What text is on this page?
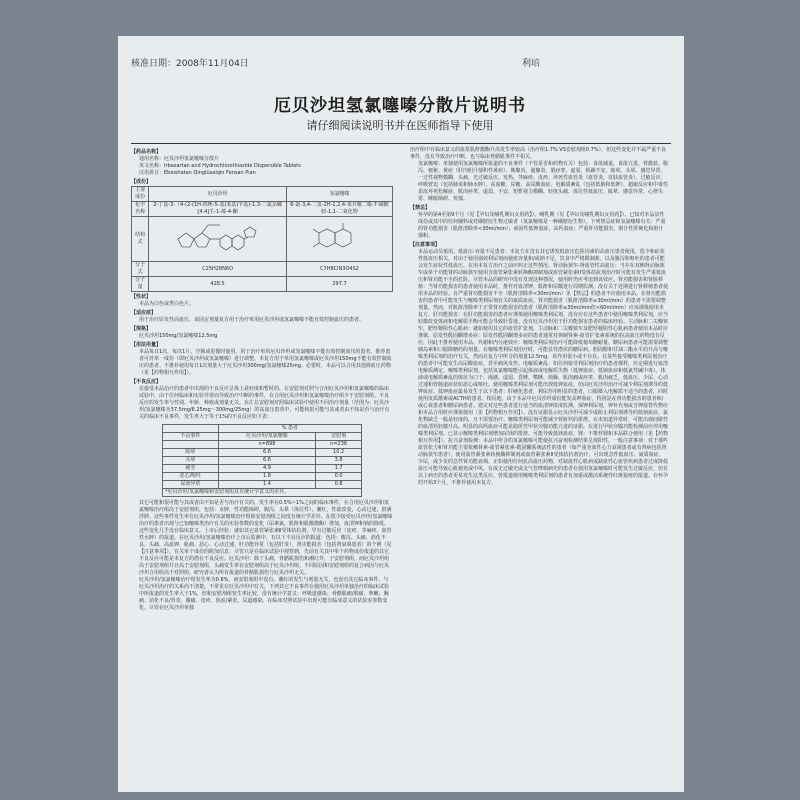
核准日期：2008年11月04日	利培
厄贝沙坦氢氯噻嗪分散片说明书
请仔细阅读说明书并在医师指导下使用
【药品名称】
通用名称：厄贝沙坦氢氯噻嗪分散片
英文名称：Irbesartan and Hydrochlorothiazide Dispersible Tablets
汉语拼音：Ebeishatan Qinglüsaiqin Fensan Pian
【成份】
主要成份	厄贝沙坦	氢氯噻嗪
化学名称	2-丁基-3-（4-(2-(1H-四唑-5-基)苯基)苄基)-1,3-二氮杂螺[4.4]壬-1-烯-4-酮	6-氯-3,4-二氢-2H-1,2,4-苯并噻二嗪-7-磺酰胺-1,1-二氧化物
结构式	

分子式	C25H28N6O	C7H8ClN3O4S2
分子量	428.5	297.7
【性状】

本品为白色或类白色片。

【适应症】

用于治疗原发性高血压。该固定剂量复方用于治疗单用厄贝沙坦或氢氯噻嗪不能有效控制血压的患者。

【规格】

厄贝沙坦150mg/氢氯噻嗪12.5mg

【用法用量】

本品每日1次，每次1片，空腹或进餐时使用，用于治疗单用厄贝沙坦或氢氯噻嗪不能有效控制血压的患者。推荐患者可对单一成份（即厄贝沙坦或氢氯噻嗪）进行调整。本复方用于单用氢氯噻嗪或厄贝沙坦150mg不能有效控制血压的患者。不推荐使用每日1次剂量大于厄贝沙坦300mg/氢氯噻嗪25mg。必要时，本品可以合用其他降血压药物（见【药物相互作用】）。

【不良反应】

在接受本品治疗的患者中出现的不良反应总体上是轻度和暂时的。在安慰剂对照与合用厄贝沙坦和氢氯噻嗪的临床试验中，由于任何临床和实验异常而导致治疗中断的事件，在合用厄贝沙坦和氢氯噻嗪治疗组少于安慰剂组。不良反应的发生率与性别、年龄、种族或剂量无关。在汇总安慰剂对照临床试验中使用不同治疗剂量（范围为：厄贝沙坦/氢氯噻嗪为37.5mg/6.25mg～300mg/25mg）的高血压患者中，可能和很可能与其或者由不知是否与治疗有关的临床不良事件，发生率大于等于1%的不良反应如下表：

	% 患者	
不良事件	厄贝沙坦/氢氯噻嗪	安慰剂
	n=898	n=236
眩晕	6.6	10.2
头晕	6.6	3.8
疲劳	4.9	1.7
恶心/呕吐	1.8	0.0
尿液异常	1.4	0.8
*厄贝沙坦/氢氯噻嗪和安慰剂组具有统计学意义的差异。		

其它可能和很可能与其或者由不知是否与治疗有关的，发生率在0.5%~1%之间的临床事件，在合用厄贝沙坦和氢氯噻嗪治疗组高于安慰剂组，包括：水肿，性功能障碍，腹泻，头晕（体位性），潮红，性欲改变，心动过速，鼓满浮肿。这些事件发生率在厄贝沙坦/氢氯噻嗪治疗组和安慰剂组之间没有统计学差异。在很少接受厄贝沙坦/氢氯噻嗪治疗的患者出现与已知噻嗪类治疗有关的实验参数的变化（尿素氮、肌酐和肌酸激酶）增加，血清钾和钠的降低。这些变化几乎没有临床意义。上市后经验：就如其它血管紧张素Ⅱ受体拮抗剂，罕有过敏反应（皮疹、荨麻疹、血管性水肿）的报道。在厄贝沙坦/氢氯噻嗪治疗上市后监测中，有以下不良反应的报道：包括：腹泻、头痛、消化不良、头痛、高血钾、肌痛、恶心、心动过速、肝功能异常（包括肝炎），肾功能损害（包括肾衰竭患者）的个例（见【注意事项】）。有关单个成份的附加信息：尽管只是在临床试验中观察到，先前有关其中单个药物成份报道的其它不良反应可能是本复方的潜在不良反应。厄贝沙坦：除了头痛，骨骼肌损伤和潮红外，于安慰剂组，而厄贝沙坦组高于安慰剂组并且高于安慰剂组，头痛发生率在安慰剂组高于厄贝沙坦组。不同原因和安慰剂组的复合病因与厄贝沙坦合用组高于对照组，研究者认为所有报道的骨骼肌损伤与厄贝沙坦无关。

厄贝沙坦/氢氯噻嗪治疗组发生率为0.6%，而安慰剂组中没有。潮红的发生与剂量无关，也没有其它临床事件，与厄贝沙坦治疗的关系尚不清楚。不常见在厄贝沙坦中有关，下列其它不良事件在使用厄贝沙坦单独治疗的临床试验中所报道的发生率大于1%，但和安慰剂组发生率比较，没有统计学意义：呼吸道感染、骨骼肌痛/肌痛、咳嗽、胸痛、消化不良/胃炎、腹痛、皮疹、焦虑/紧张、尿道感染。在临床对照试验中出现可能有临床意义的试验室参数变化，尽管在厄贝沙坦单独

治疗组中有临床意义的血浆肌酐激酶升高发生率较高（治疗组1.7% VS安慰剂组0.7%），但这些变化并不属严重不良事件，没有导致治疗中断，也与临床骨骼肌事件不相关。

氢氯噻嗪：单独使用氢氯噻嗪所报道的不良事件（不管是否和药物有关）包括：食欲减退、食欲亢进、胃激惹、腹泻、便秘、黄疸（肝内胆汁郁积性黄疸）、胰腺炎、涎腺炎、肌痉挛、虚弱、烦躁不安、眩晕、头晕、感觉异常、一过性视物模糊、头痛、光过敏反应、发热、荨麻疹、皮疹、坏死性血管炎（血管炎，皮肤血管炎）、过敏反应、呼吸窘迫（包括肺炎和肺水肿）、高血糖、尿糖、高尿酸血症、电解质紊乱（包括低钠和低钾）、超敏反应和中毒性表皮坏死松解症、肌肉痉挛、虚弱、不安、短暂视力模糊、轻度头痛、体位性低血压、眩晕、感觉异常、心律失常、睡眠障碍、忧郁。

【禁忌】

怀孕的第4至第9个月（见【孕妇及哺乳期妇女用药】）。哺乳期（见【孕妇及哺乳期妇女用药】）。已知对本品活性成份或其中的任何辅料或对磺胺衍生物过敏者（氢氯噻嗪是一种磺胺衍生物）。下列禁忌症和氢氯噻嗪有关：严重的肾功能损害（肌酐清除率<30ml/min）；顽固性低钾血症，高钙血症；严重肝功能损害，胆汁性肝硬化和胆汁郁积。

【注意事项】

本品运动员慎用。低血压-容量不足患者：本复方在没有其它诱发低血压危险因素的高血压患者使用，很少和症状性低血压相关，对由于使用强效利尿剂而使血容量和/或钠不足，饮食中严格限制盐，以及腹泻和呕吐的患者可能会发生症状性低血压。在用本复方治疗之前应纠正这些情况。肾动脉狭窄-肾血管性高血压：当存在双侧肾动脉狭窄或单个功能肾的动脉狭窄使用含血管紧张素转换酶抑制剂或血管紧张素II受体拮抗剂治疗时可能有发生严重低血压和肾功能不全的危险。尽管本品的研究中没有发现这种情况，使用时仍应考虑到该效应。肾功能损害和肾脏移植：当肾功能损害的患者使用本品时，推荐对血清钾、肌酐和尿酸进行周期监测。没有关于近期进行肾移植患者使用本品的经验。有严重肾功能损害不全（肌酐清除率<30ml/min）见【禁忌】的患者不应使用本品。在肾功能损害的患者中可能发生与噻嗪类利尿剂有关的氮质血症。肾功能损害（肌酐清除率≥30ml/min）的患者不需要调整剂量。然而，对肌酐清除率于正常肾功能损害的患者（肌酐清除率≥30ml/min但<60ml/min）应该谨慎使用本复方。肝功能损害：在肝功能损害的患者应谨慎使用噻嗪类利尿剂。没有应在这些患者中使用噻嗪类利尿剂，应当轻微改变体液和电解质平衡可能会导致肝昏迷。没有厄贝沙坦用于肝功能损害患者的临床经验。主动脉和二尖瓣狭窄，肥厚梗阻性心肌病：就如使用其它的血管扩张剂，主动脉和二尖瓣狭窄及肥厚梗阻性心肌病患者使用本品时应谨慎。原发性醛固酮增多症：原发性醛固酮增多症的患者通常对抑制肾素-血管扩张素系统的抗高血压药物没有反应，因此不推荐使用本品。代谢和内分泌效应：噻嗪类利尿剂治疗可能降低葡萄糖耐量。糖尿病患者可能需要调整胰岛素和口服降糖药的剂量。在噻嗪类利尿剂治疗时，可能显性潜伏的糖尿病。胆固醇和甘油三酯水平的升高与噻嗪类利尿剂的治疗有关，然而在复方中所含的剂量12.5mg，该作用很小或不存在。在某些接受噻嗪类利尿剂治疗的患者中可能发生高尿酸血症，甚至痛风发作。电解质紊乱：如任何接受利尿剂治疗的患者都样，应定期进行血清电解质测定。噻嗪类利尿剂，包括氢氯噻嗪能引起体液或电解质失衡（低钾血症、低钠血症和低氯性碱中毒）。体液或电解质紊乱的体征为口干、渴感、虚弱、昏睡、嗜睡、烦躁、肌肉痛或痉挛、肌肉疲乏、低血压、少尿、心动过速和胃肠道症状如恶心或呕吐。使用噻嗪类利尿剂可能出现低钾血症，但由厄贝沙坦治疗可减少利尿剂诱导的低钾血症。低钾血症最易发生于以下患者：肝硬化患者，利尿作用明显的患者，口服摄入电解质不适当的患者，同时使用皮质激素或ACTH的患者。相反地，由于本品中厄贝沙坦成份能发高钾血症，特别是在肾功能损害的患者和/或心衰患者和糖尿病患者。建议对这些患者进行适当的血清钾浓度监测。保钾利尿剂，钾补充剂或含钾盐替代物应和本品合用时应谨慎使用（见【药物相互作用】）。没有证据显示厄贝沙坦可减少或阻止利尿剂诱导的低钠血症。氯化物缺乏一般是轻度的，且不需要治疗。噻嗪类利尿剂可能减少肾脏钙的排泄，在未知道异常时，可能出现间歇性的血清钙轻微升高。明显的高钙血症可能是隐匿性甲状旁腺功能亢进的证据。在进行甲状旁腺功能检测前应停用噻嗪类利尿剂。已显示噻嗪类利尿剂增加尿镁的排泄，可能导致低镁血症。锂：不推荐锂和本品联合使用（见【药物相互作用】）。抗兴奋剂检测：本品中所含的氢氯噻嗪可能使抗兴奋剂检测结果呈现阳性。一般注意事项：对于那些血管张力和肾功能主要依赖肾素-血管紧张素-醛固酮系统活性的患者（如严重充血性心力衰竭患者或有肾病包括肾动脉狭窄患者），使用血管紧张素转换酶抑制剂或血管紧张素II受体拮抗剂治疗，可出现急性低血压、氮质血症、少尿，或少见的急性肾功能衰竭。正如使用任何抗高血压药物，对缺血性心肌病或缺血性心血管疾病患者过度降低血压可能导致心肌梗死或中风。有或无过敏史或支气管哮喘病史的患者在使用氢氯噻嗪时可能发生过敏反应，但有以上病史的患者更易发生这类反应。曾报道使用噻嗪类利尿剂的患者有加重或激活系统性红斑狼疮的报道。在怀孕的开始3个月，不推荐使用本复方。
